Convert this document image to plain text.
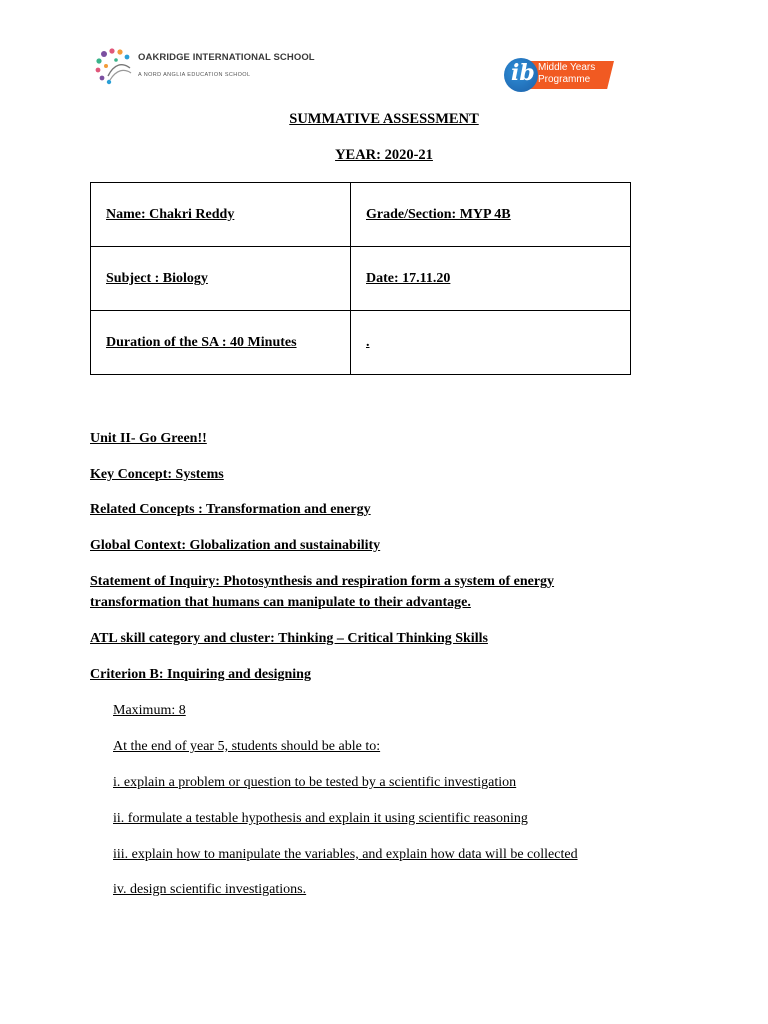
OAKRIDGE INTERNATIONAL SCHOOL
A NORD ANGLIA EDUCATION SCHOOL
Middle Years
Programme
ib
SUMMATIVE ASSESSMENT
YEAR: 2020-21
Name: Chakri Reddy	Grade/Section: MYP 4B
Subject : Biology	Date: 17.11.20
Duration of the SA : 40 Minutes	.
Unit II- Go Green!!
Key Concept: Systems
Related Concepts : Transformation and energy
Global Context: Globalization and sustainability
Statement of Inquiry: Photosynthesis and respiration form a system of energy
transformation that humans can manipulate to their advantage.
ATL skill category and cluster: Thinking – Critical Thinking Skills
Criterion B: Inquiring and designing
Maximum: 8
At the end of year 5, students should be able to:
i. explain a problem or question to be tested by a scientific investigation
ii. formulate a testable hypothesis and explain it using scientific reasoning
iii. explain how to manipulate the variables, and explain how data will be collected
iv. design scientific investigations.
